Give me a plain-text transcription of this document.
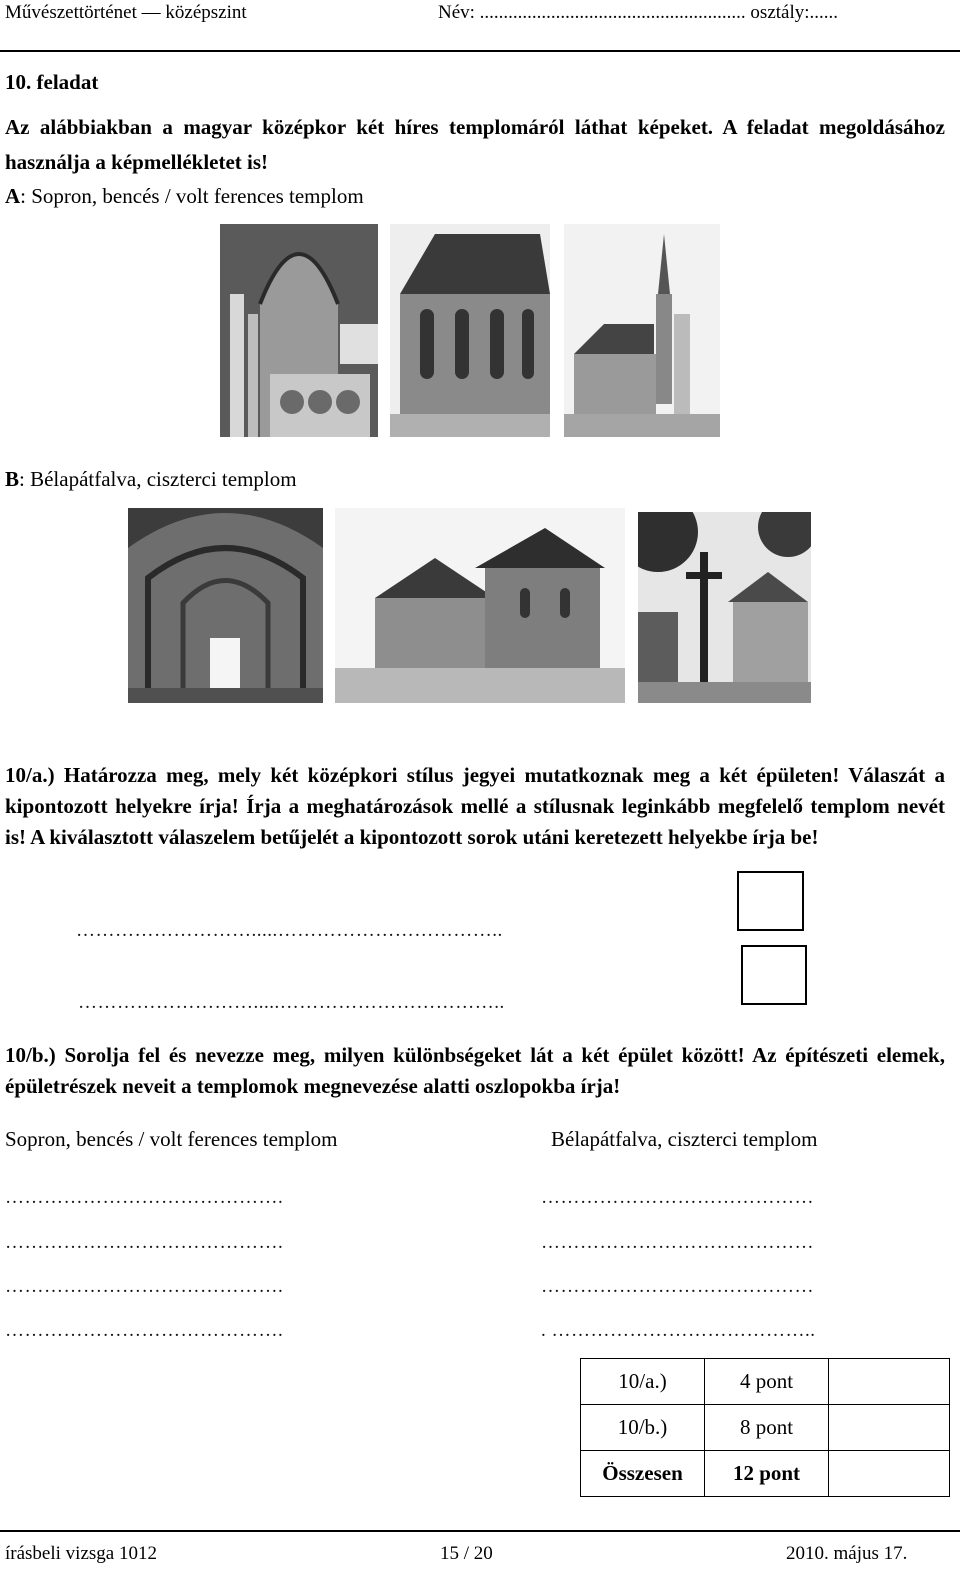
Művészettörténet — középszint	Név: ........................................................ osztály:......
10. feladat
Az alábbiakban a magyar középkor két híres templomáról láthat képeket. A feladat megoldásához használja a képmellékletet is!
A: Sopron, bencés / volt ferences templom
B: Bélapátfalva, ciszterci templom
10/a.) Határozza meg, mely két középkori stílus jegyei mutatkoznak meg a két épületen! Válaszát a kipontozott helyekre írja! Írja a meghatározások mellé a stílusnak leginkább megfelelő templom nevét is! A kiválasztott válaszelem betűjelét a kipontozott sorok utáni keretezett helyekbe írja be!
……………………….....……………………………..
……………………….....……………………………..
10/b.) Sorolja fel és nevezze meg, milyen különbségeket lát a két épület között! Az építészeti elemek, épületrészek neveit a templomok megnevezése alatti oszlopokba írja!
Sopron, bencés / volt ferences templom	Bélapátfalva, ciszterci templom
…………………………………….
…………………………………….
…………………………………….
…………………………………….
……………………………………
……………………………………
……………………………………
. …………………………………..
10/a.)	4 pont	
10/b.)	8 pont	
Összesen	12 pont	
írásbeli vizsga 1012	15 / 20	2010. május 17.
